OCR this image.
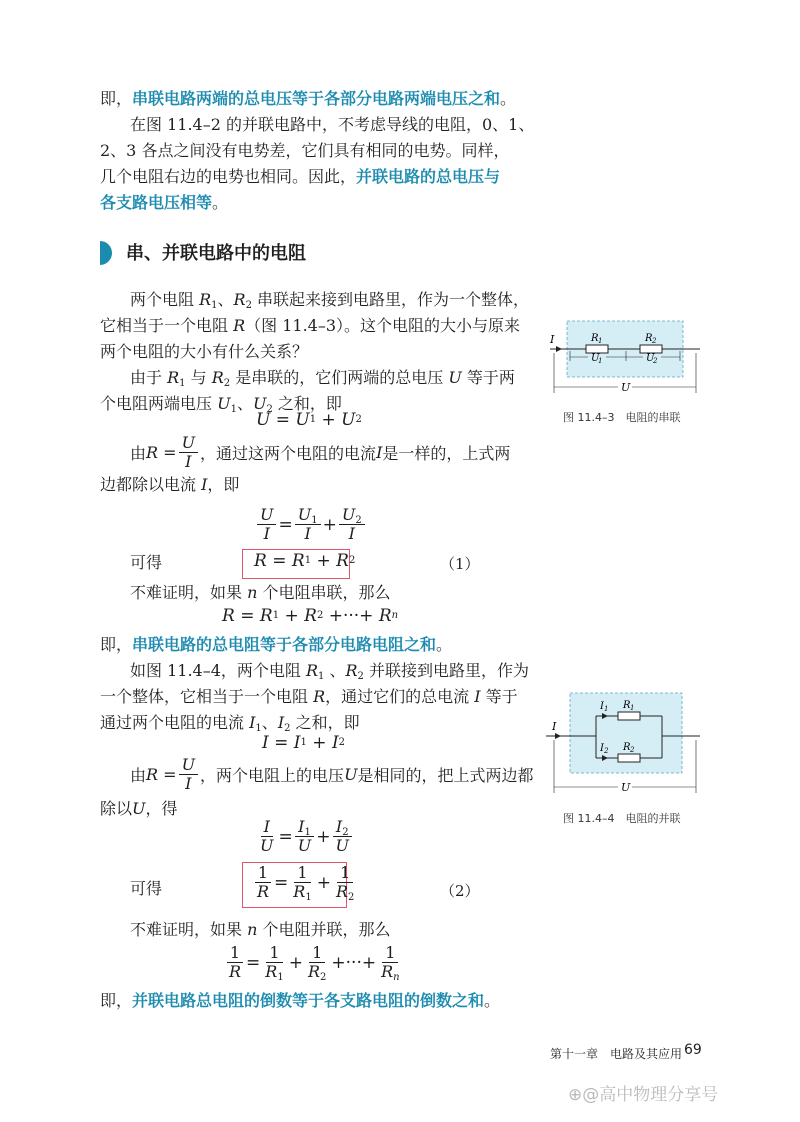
即，串联电路两端的总电压等于各部分电路两端电压之和。

在图 11.4–2 的并联电路中，不考虑导线的电阻，0、1、

2、3 各点之间没有电势差，它们具有相同的电势。同样，

几个电阻右边的电势也相同。因此，并联电路的总电压与

各支路电压相等。

串、并联电路中的电阻

两个电阻 $R_1$、$R_2$ 串联起来接到电路里，作为一个整体，

它相当于一个电阻 R（图 11.4–3）。这个电阻的大小与原来

两个电阻的大小有什么关系？

由于 $R_1$ 与 $R_2$ 是串联的，它们两端的总电压 U 等于两

个电阻两端电压 $U_1$、$U_2$ 之和，即

U
=
U 1
+
U 2
由 R
= $\frac{U}{I}$ ，通过这两个电阻的电流 I 是一样的，上式两

边都除以电流 I，即

$\frac{U}{I} = \frac{U_1}{I} + \frac{U_2}{I}$

可得	R
=
R 1
+
R 2	（1）

不难证明，如果 n 个电阻串联，那么

R
=
R 1
+
R 2
+···+
R n

即，串联电路的总电阻等于各部分电路电阻之和。

如图 11.4–4，两个电阻 $R_1$ 、$R_2$ 并联接到电路里，作为

一个整体，它相当于一个电阻 R，通过它们的总电流 I 等于

通过两个电阻的电流 $I_1$、$I_2$ 之和，即

I
=
I 1
+
I 2
由 R
= $\frac{U}{I}$ ，两个电阻上的电压 U 是相同的，把上式两边都

除以U，得

$\frac{I}{U} = \frac{I_1}{U} + \frac{I_2}{U}$

可得	$\frac{1}{R} = \frac{1}{R_1} + \frac{1}{R_2}$	（2）

不难证明，如果 n 个电阻并联，那么

$\frac{1}{R} = \frac{1}{R_1} + \frac{1}{R_2}$ +···+ $\frac{1}{R_n}$

即，并联电路总电阻的倒数等于各支路电阻的倒数之和。

I	R 1	R 2
U
1	U
2
U
图 11.4–3　电阻的串联
I
I 1 R 1
I 2 R 2
U
图 11.4–4　电阻的并联
第十一章　电路及其应用 69
⊕@高中物理分享号
